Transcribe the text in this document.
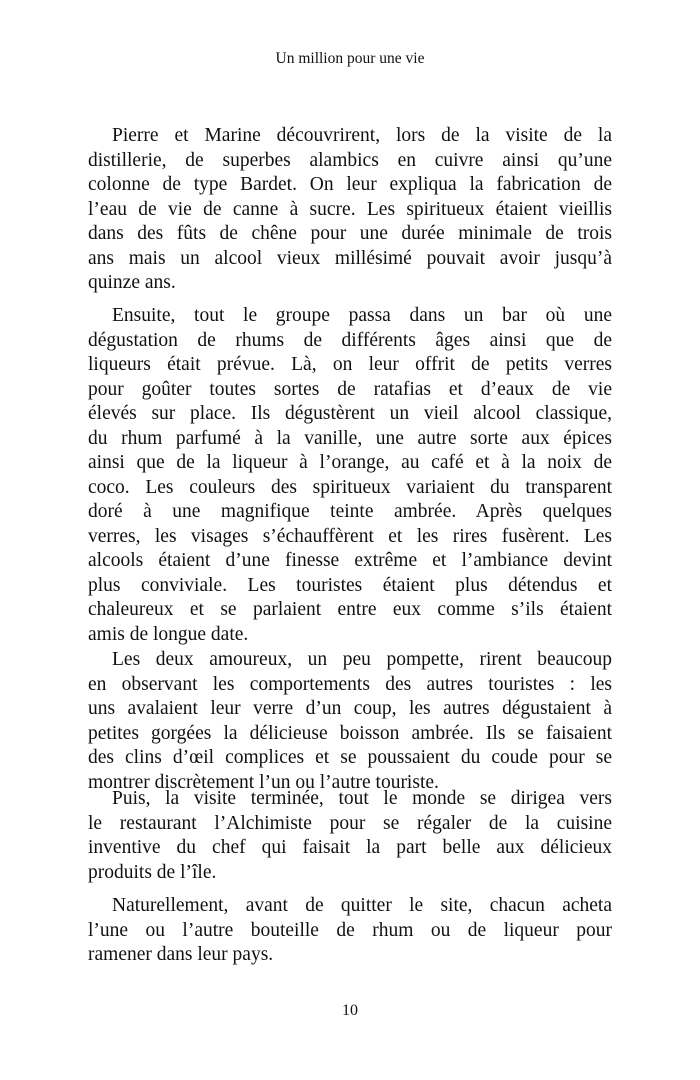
Un million pour une vie
Pierre et Marine découvrirent, lors de la visite de la
distillerie, de superbes alambics en cuivre ainsi qu’une
colonne de type Bardet. On leur expliqua la fabrication de
l’eau de vie de canne à sucre. Les spiritueux étaient vieillis
dans des fûts de chêne pour une durée minimale de trois
ans mais un alcool vieux millésimé pouvait avoir jusqu’à
quinze ans.
Ensuite, tout le groupe passa dans un bar où une
dégustation de rhums de différents âges ainsi que de
liqueurs était prévue. Là, on leur offrit de petits verres
pour goûter toutes sortes de ratafias et d’eaux de vie
élevés sur place. Ils dégustèrent un vieil alcool classique,
du rhum parfumé à la vanille, une autre sorte aux épices
ainsi que de la liqueur à l’orange, au café et à la noix de
coco. Les couleurs des spiritueux variaient du transparent
doré à une magnifique teinte ambrée. Après quelques
verres, les visages s’échauffèrent et les rires fusèrent. Les
alcools étaient d’une finesse extrême et l’ambiance devint
plus conviviale. Les touristes étaient plus détendus et
chaleureux et se parlaient entre eux comme s’ils étaient
amis de longue date.
Les deux amoureux, un peu pompette, rirent beaucoup
en observant les comportements des autres touristes : les
uns avalaient leur verre d’un coup, les autres dégustaient à
petites gorgées la délicieuse boisson ambrée. Ils se faisaient
des clins d’œil complices et se poussaient du coude pour se
montrer discrètement l’un ou l’autre touriste.
Puis, la visite terminée, tout le monde se dirigea vers
le restaurant l’Alchimiste pour se régaler de la cuisine
inventive du chef qui faisait la part belle aux délicieux
produits de l’île.
Naturellement, avant de quitter le site, chacun acheta
l’une ou l’autre bouteille de rhum ou de liqueur pour
ramener dans leur pays.
10
